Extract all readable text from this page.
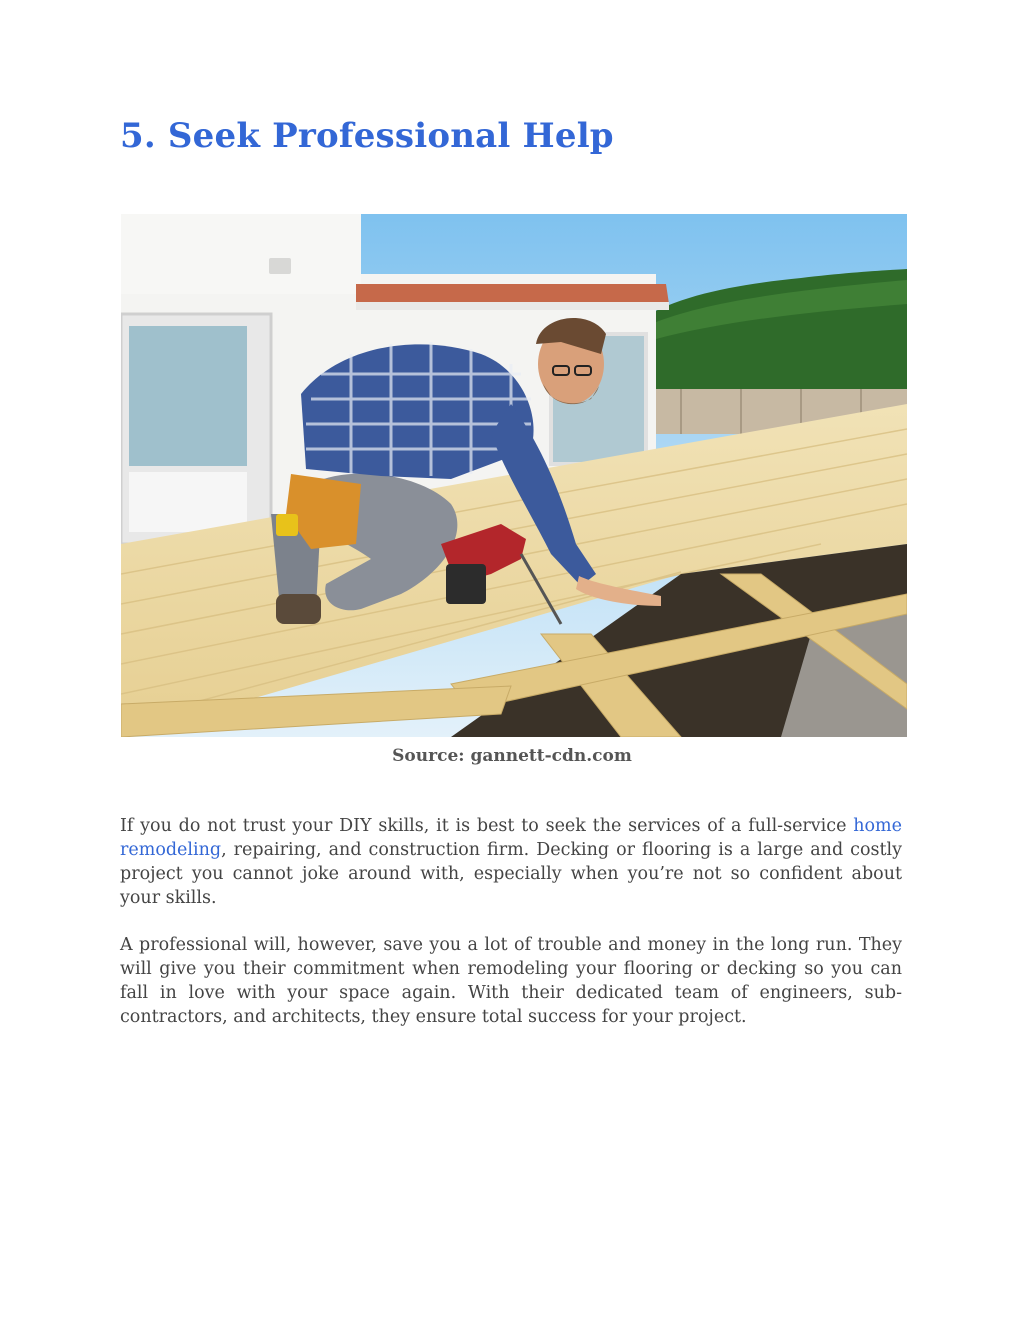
5. Seek Professional Help
Source: gannett-cdn.com

If you do not trust your DIY skills, it is best to seek the services of a full-service home remodeling, repairing, and construction firm. Decking or flooring is a large and costly project you cannot joke around with, especially when you’re not so confident about your skills.

A professional will, however, save you a lot of trouble and money in the long run. They will give you their commitment when remodeling your flooring or decking so you can fall in love with your space again. With their dedicated team of engineers, sub-contractors, and architects, they ensure total success for your project.
